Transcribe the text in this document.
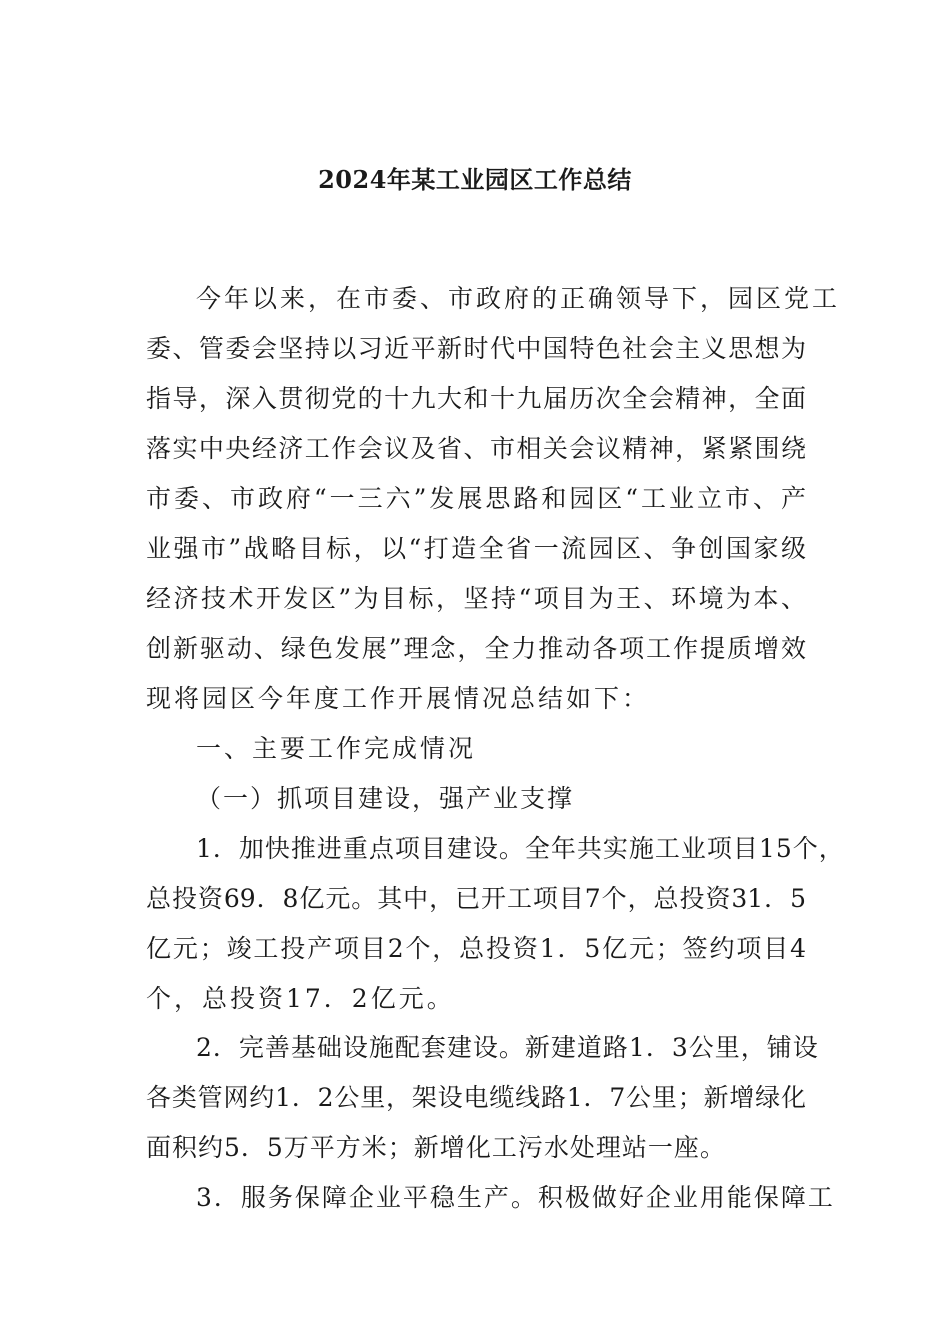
2024年某工业园区工作总结
今年以来，在市委、市政府的正确领导下，园区党工
委、管委会坚持以习近平新时代中国特色社会主义思想为
指导，深入贯彻党的十九大和十九届历次全会精神，全面
落实中央经济工作会议及省、市相关会议精神，紧紧围绕
市委、市政府“一三六”发展思路和园区“工业立市、产
业强市”战略目标，以“打造全省一流园区、争创国家级
经济技术开发区”为目标，坚持“项目为王、环境为本、
创新驱动、绿色发展”理念，全力推动各项工作提质增效
现将园区今年度工作开展情况总结如下：
一、主要工作完成情况
（一）抓项目建设，强产业支撑
1．加快推进重点项目建设。全年共实施工业项目15个，
总投资69．8亿元。其中，已开工项目7个，总投资31．5
亿元；竣工投产项目2个，总投资1．5亿元；签约项目4
个，总投资17．2亿元。
2．完善基础设施配套建设。新建道路1．3公里，铺设
各类管网约1．2公里，架设电缆线路1．7公里；新增绿化
面积约5．5万平方米；新增化工污水处理站一座。
3．服务保障企业平稳生产。积极做好企业用能保障工
